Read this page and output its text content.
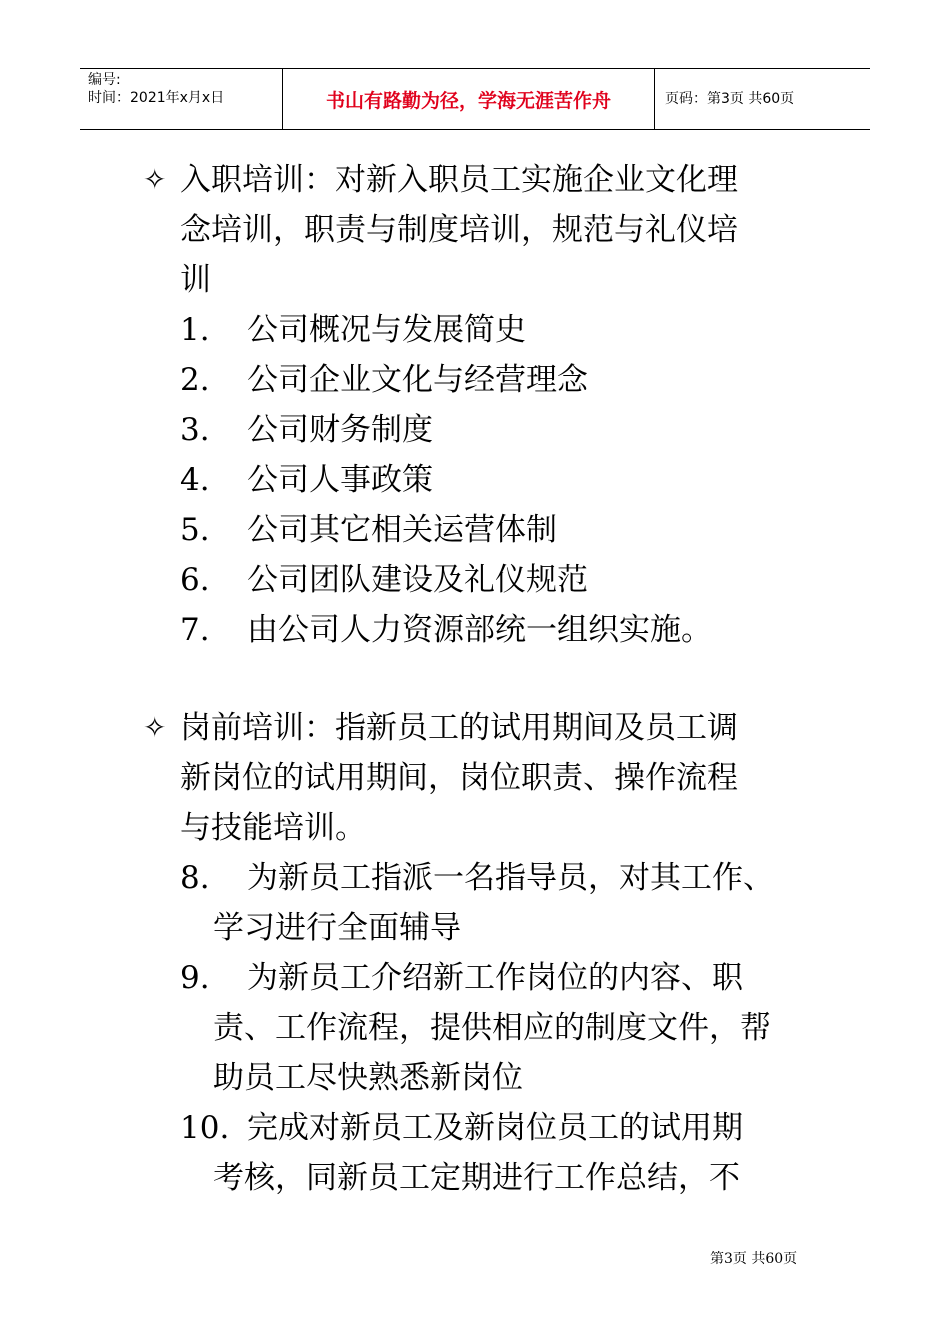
编号:
时间：2021年x月x日	书山有路勤为径，学海无涯苦作舟	页码：第3页 共60页
✧ 入职培训：对新入职员工实施企业文化理
念培训，职责与制度培训，规范与礼仪培
训
1. 公司概况与发展简史
2. 公司企业文化与经营理念
3. 公司财务制度
4. 公司人事政策
5. 公司其它相关运营体制
6. 公司团队建设及礼仪规范
7. 由公司人力资源部统一组织实施。
✧ 岗前培训：指新员工的试用期间及员工调
新岗位的试用期间，岗位职责、操作流程
与技能培训。
8. 为新员工指派一名指导员，对其工作、
学习进行全面辅导
9. 为新员工介绍新工作岗位的内容、职
责、工作流程，提供相应的制度文件，帮
助员工尽快熟悉新岗位
10. 完成对新员工及新岗位员工的试用期
考核，同新员工定期进行工作总结，不
第3页 共60页
